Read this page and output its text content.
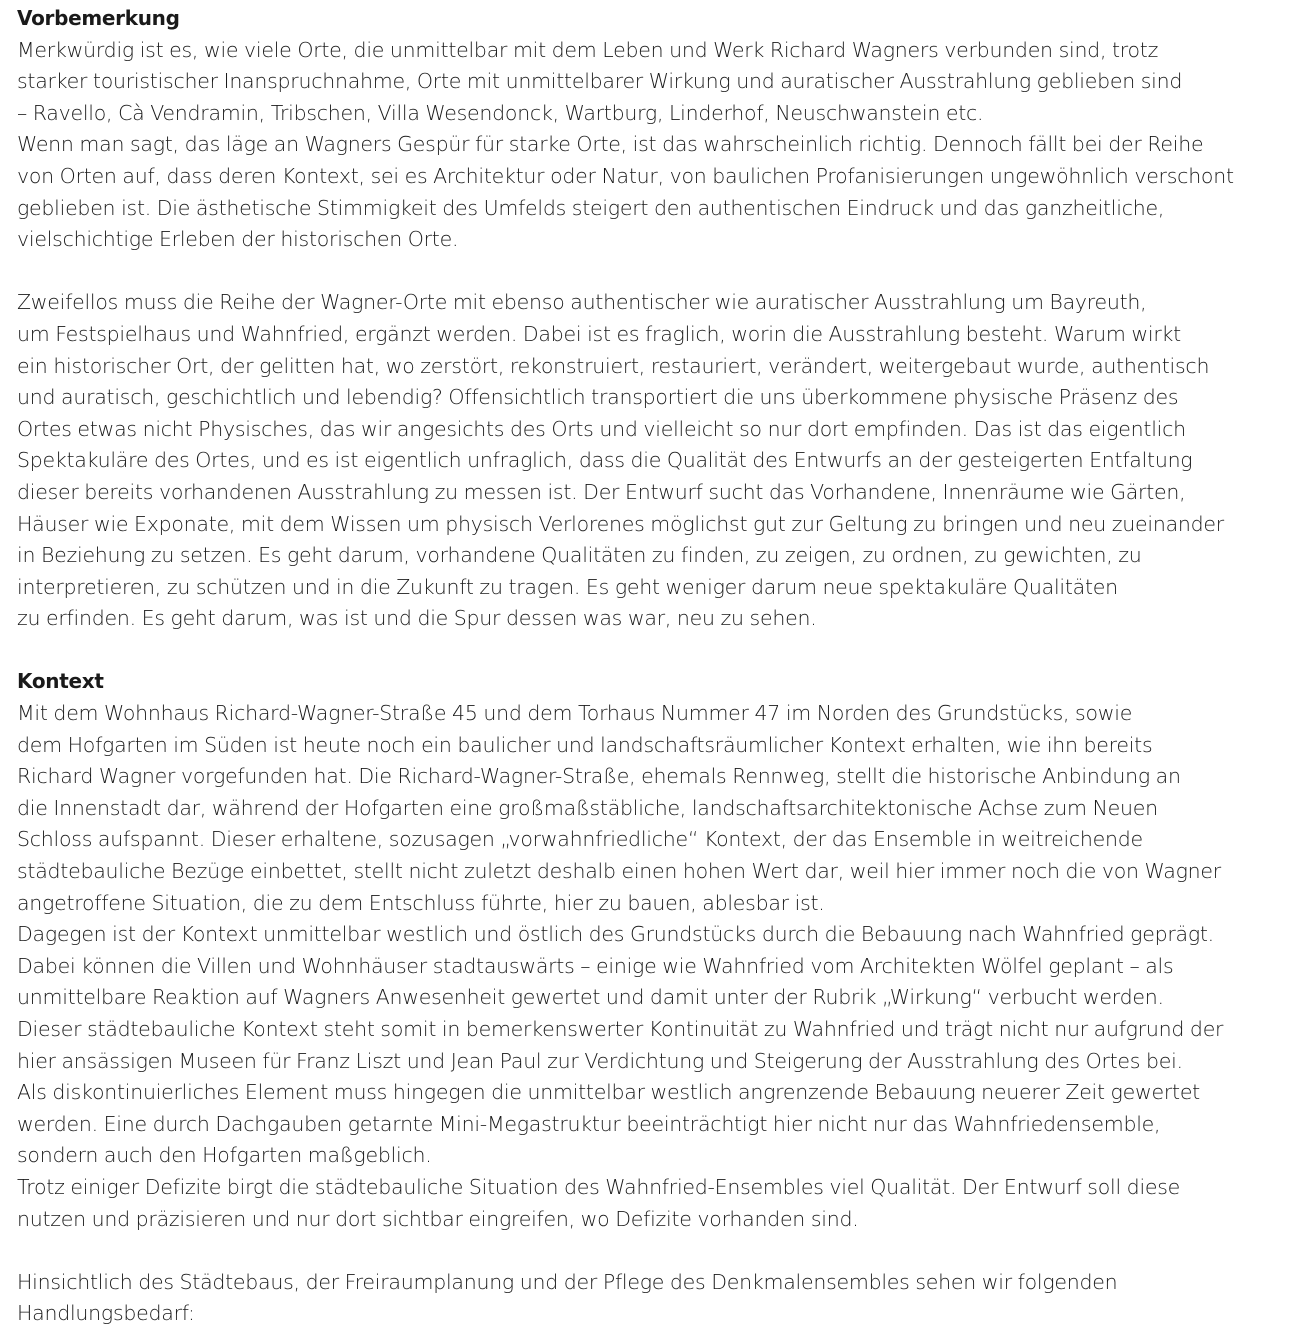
Vorbemerkung
Merkwürdig ist es, wie viele Orte, die unmittelbar mit dem Leben und Werk Richard Wagners verbunden sind, trotz
starker touristischer Inanspruchnahme, Orte mit unmittelbarer Wirkung und auratischer Ausstrahlung geblieben sind
– Ravello, Cà Vendramin, Tribschen, Villa Wesendonck, Wartburg, Linderhof, Neuschwanstein etc.
Wenn man sagt, das läge an Wagners Gespür für starke Orte, ist das wahrscheinlich richtig. Dennoch fällt bei der Reihe
von Orten auf, dass deren Kontext, sei es Architektur oder Natur, von baulichen Profanisierungen ungewöhnlich verschont
geblieben ist. Die ästhetische Stimmigkeit des Umfelds steigert den authentischen Eindruck und das ganzheitliche,
vielschichtige Erleben der historischen Orte.
Zweifellos muss die Reihe der Wagner-Orte mit ebenso authentischer wie auratischer Ausstrahlung um Bayreuth,
um Festspielhaus und Wahnfried, ergänzt werden. Dabei ist es fraglich, worin die Ausstrahlung besteht. Warum wirkt
ein historischer Ort, der gelitten hat, wo zerstört, rekonstruiert, restauriert, verändert, weitergebaut wurde, authentisch
und auratisch, geschichtlich und lebendig? Offensichtlich transportiert die uns überkommene physische Präsenz des
Ortes etwas nicht Physisches, das wir angesichts des Orts und vielleicht so nur dort empfinden. Das ist das eigentlich
Spektakuläre des Ortes, und es ist eigentlich unfraglich, dass die Qualität des Entwurfs an der gesteigerten Entfaltung
dieser bereits vorhandenen Ausstrahlung zu messen ist. Der Entwurf sucht das Vorhandene, Innenräume wie Gärten,
Häuser wie Exponate, mit dem Wissen um physisch Verlorenes möglichst gut zur Geltung zu bringen und neu zueinander
in Beziehung zu setzen. Es geht darum, vorhandene Qualitäten zu finden, zu zeigen, zu ordnen, zu gewichten, zu
interpretieren, zu schützen und in die Zukunft zu tragen. Es geht weniger darum neue spektakuläre Qualitäten
zu erfinden. Es geht darum, was ist und die Spur dessen was war, neu zu sehen.
Kontext
Mit dem Wohnhaus Richard-Wagner-Straße 45 und dem Torhaus Nummer 47 im Norden des Grundstücks, sowie
dem Hofgarten im Süden ist heute noch ein baulicher und landschaftsräumlicher Kontext erhalten, wie ihn bereits
Richard Wagner vorgefunden hat. Die Richard-Wagner-Straße, ehemals Rennweg, stellt die historische Anbindung an
die Innenstadt dar, während der Hofgarten eine großmaßstäbliche, landschaftsarchitektonische Achse zum Neuen
Schloss aufspannt. Dieser erhaltene, sozusagen „vorwahnfriedliche“ Kontext, der das Ensemble in weitreichende
städtebauliche Bezüge einbettet, stellt nicht zuletzt deshalb einen hohen Wert dar, weil hier immer noch die von Wagner
angetroffene Situation, die zu dem Entschluss führte, hier zu bauen, ablesbar ist.
Dagegen ist der Kontext unmittelbar westlich und östlich des Grundstücks durch die Bebauung nach Wahnfried geprägt.
Dabei können die Villen und Wohnhäuser stadtauswärts – einige wie Wahnfried vom Architekten Wölfel geplant – als
unmittelbare Reaktion auf Wagners Anwesenheit gewertet und damit unter der Rubrik „Wirkung“ verbucht werden.
Dieser städtebauliche Kontext steht somit in bemerkenswerter Kontinuität zu Wahnfried und trägt nicht nur aufgrund der
hier ansässigen Museen für Franz Liszt und Jean Paul zur Verdichtung und Steigerung der Ausstrahlung des Ortes bei.
Als diskontinuierliches Element muss hingegen die unmittelbar westlich angrenzende Bebauung neuerer Zeit gewertet
werden. Eine durch Dachgauben getarnte Mini-Megastruktur beeinträchtigt hier nicht nur das Wahnfriedensemble,
sondern auch den Hofgarten maßgeblich.
Trotz einiger Defizite birgt die städtebauliche Situation des Wahnfried-Ensembles viel Qualität. Der Entwurf soll diese
nutzen und präzisieren und nur dort sichtbar eingreifen, wo Defizite vorhanden sind.
Hinsichtlich des Städtebaus, der Freiraumplanung und der Pflege des Denkmalensembles sehen wir folgenden
Handlungsbedarf:
